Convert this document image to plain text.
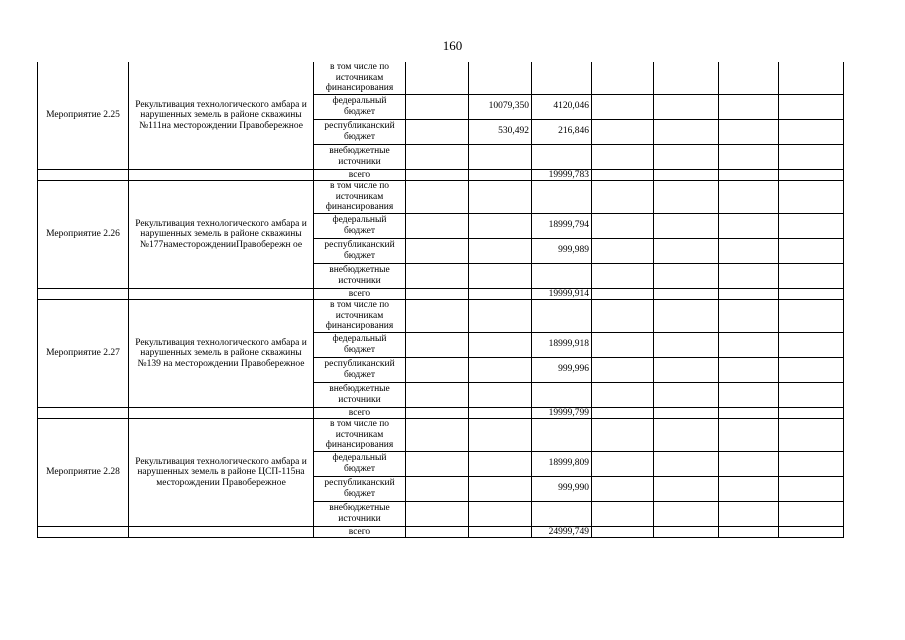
160
Мероприятие 2.25	Рекультивация технологического амбара и нарушенных земель в районе скважины №111на месторождении Правобережное	в том числе по источникам финансирования							
		федеральный бюджет		10079,350	4120,046				
		республиканский бюджет		530,492	216,846				
		внебюджетные источники							
		всего			19999,783				
Мероприятие 2.26	Рекультивация технологического амбара и нарушенных земель в районе скважины №177наместорожденииПравобережн ое	в том числе по источникам финансирования							
		федеральный бюджет			18999,794				
		республиканский бюджет			999,989				
		внебюджетные источники							
		всего			19999,914				
Мероприятие 2.27	Рекультивация технологического амбара и нарушенных земель в районе скважины №139 на месторождении Правобережное	в том числе по источникам финансирования							
		федеральный бюджет			18999,918				
		республиканский бюджет			999,996				
		внебюджетные источники							
		всего			19999,799				
Мероприятие 2.28	Рекультивация технологического амбара и нарушенных земель в районе ЦСП-115на месторождении Правобережное	в том числе по источникам финансирования							
		федеральный бюджет			18999,809				
		республиканский бюджет			999,990				
		внебюджетные источники							
		всего			24999,749				
